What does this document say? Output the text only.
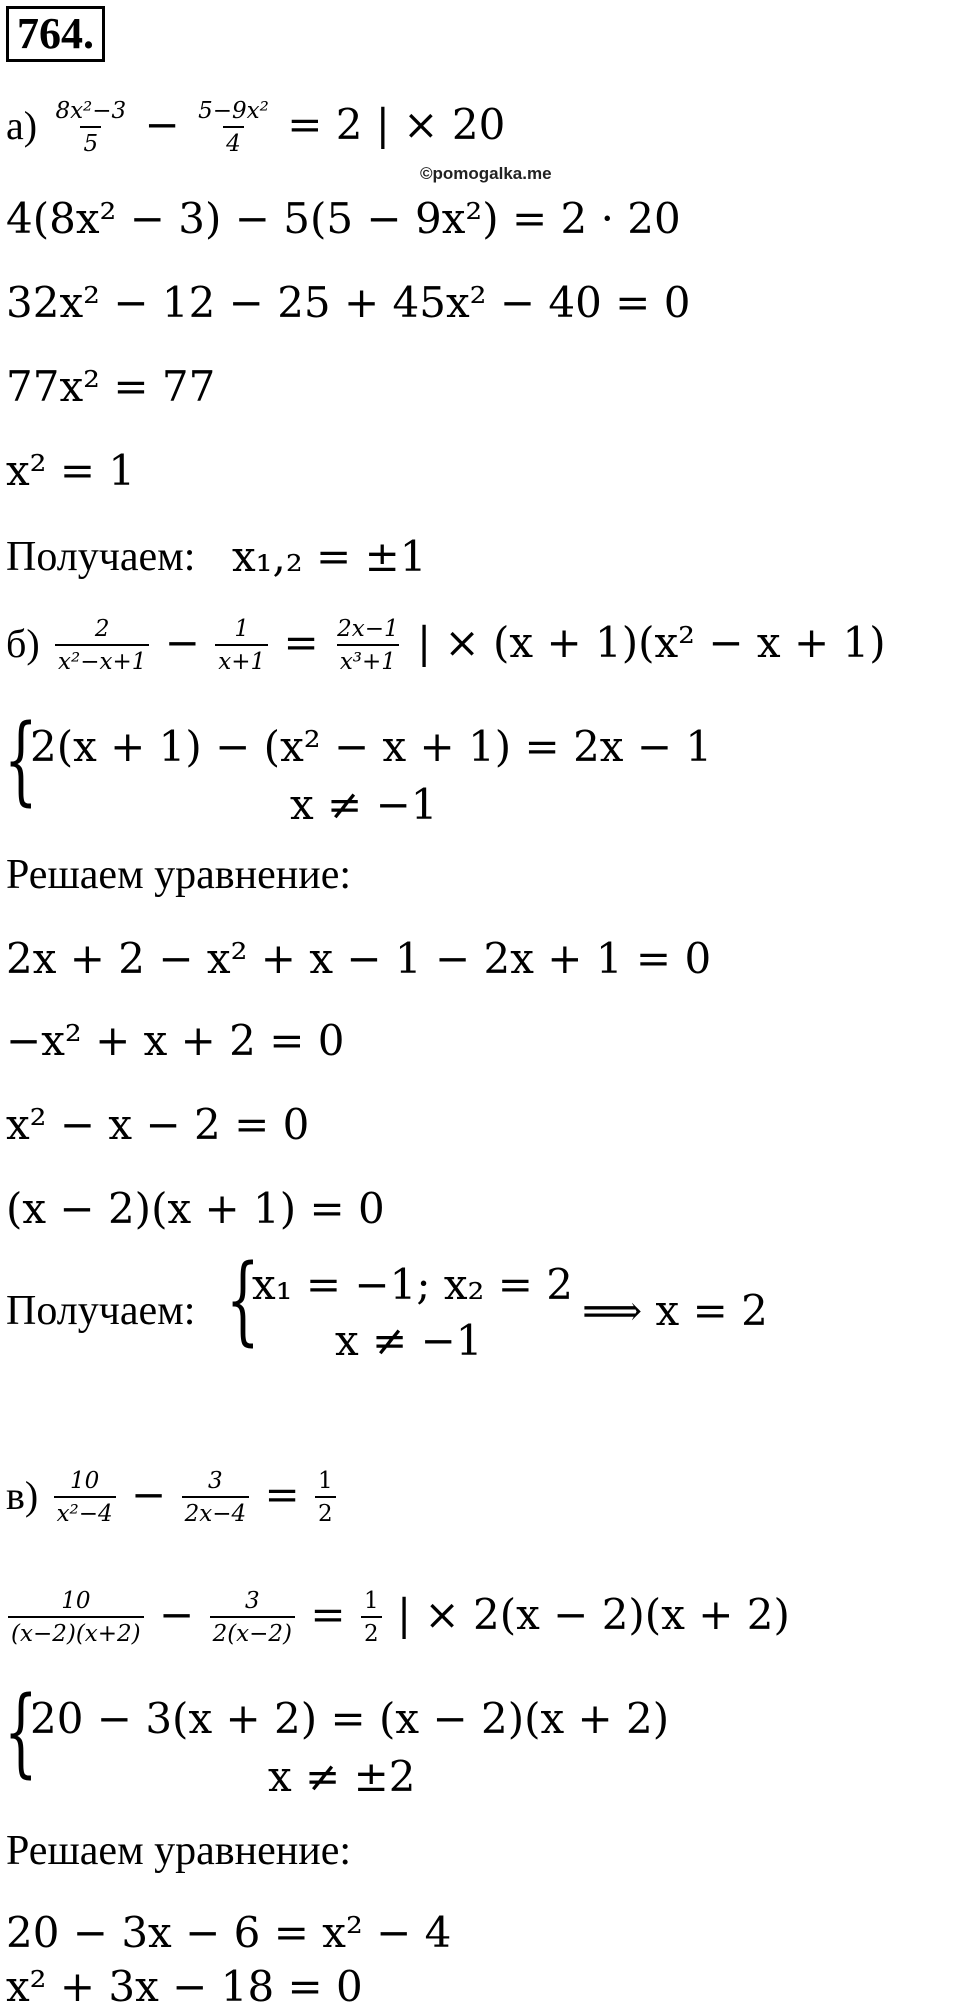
764.
©pomogalka.me
$а) \frac{\text{8x²−3}}{5} - \frac{\text{5−9x²}}{4} = 2$ | × 20
4(8x² − 3) − 5(5 − 9x²) = 2 · 20
32x² − 12 − 25 + 45x² − 40 = 0
77x² = 77
x² = 1
Получаем: x₁,₂ = ±1
$б) \frac{2}{\text{x²−x+1}} - \frac{1}{x+1} = \frac{2x-1}{\text{x³+1}}$ | × (x + 1)(x² − x + 1)
{
2(x + 1) − (x² − x + 1) = 2x − 1
x ≠ −1
Решаем уравнение:
2x + 2 − x² + x − 1 − 2x + 1 = 0
−x² + x + 2 = 0
x² − x − 2 = 0
(x − 2)(x + 1) = 0
Получаем: {
x₁ = −1; x₂ = 2
x ≠ −1
⟹ x = 2
$в) \frac{10}{\text{x²−4}} - \frac{3}{2x-4} = \frac{1}{2}$
$\frac{10}{(x-2)(x+2)} - \frac{3}{2(x-2)} = \frac{1}{2}$ | × 2(x − 2)(x + 2)
{
20 − 3(x + 2) = (x − 2)(x + 2)
x ≠ ±2
Решаем уравнение:
20 − 3x − 6 = x² − 4
x² + 3x − 18 = 0
